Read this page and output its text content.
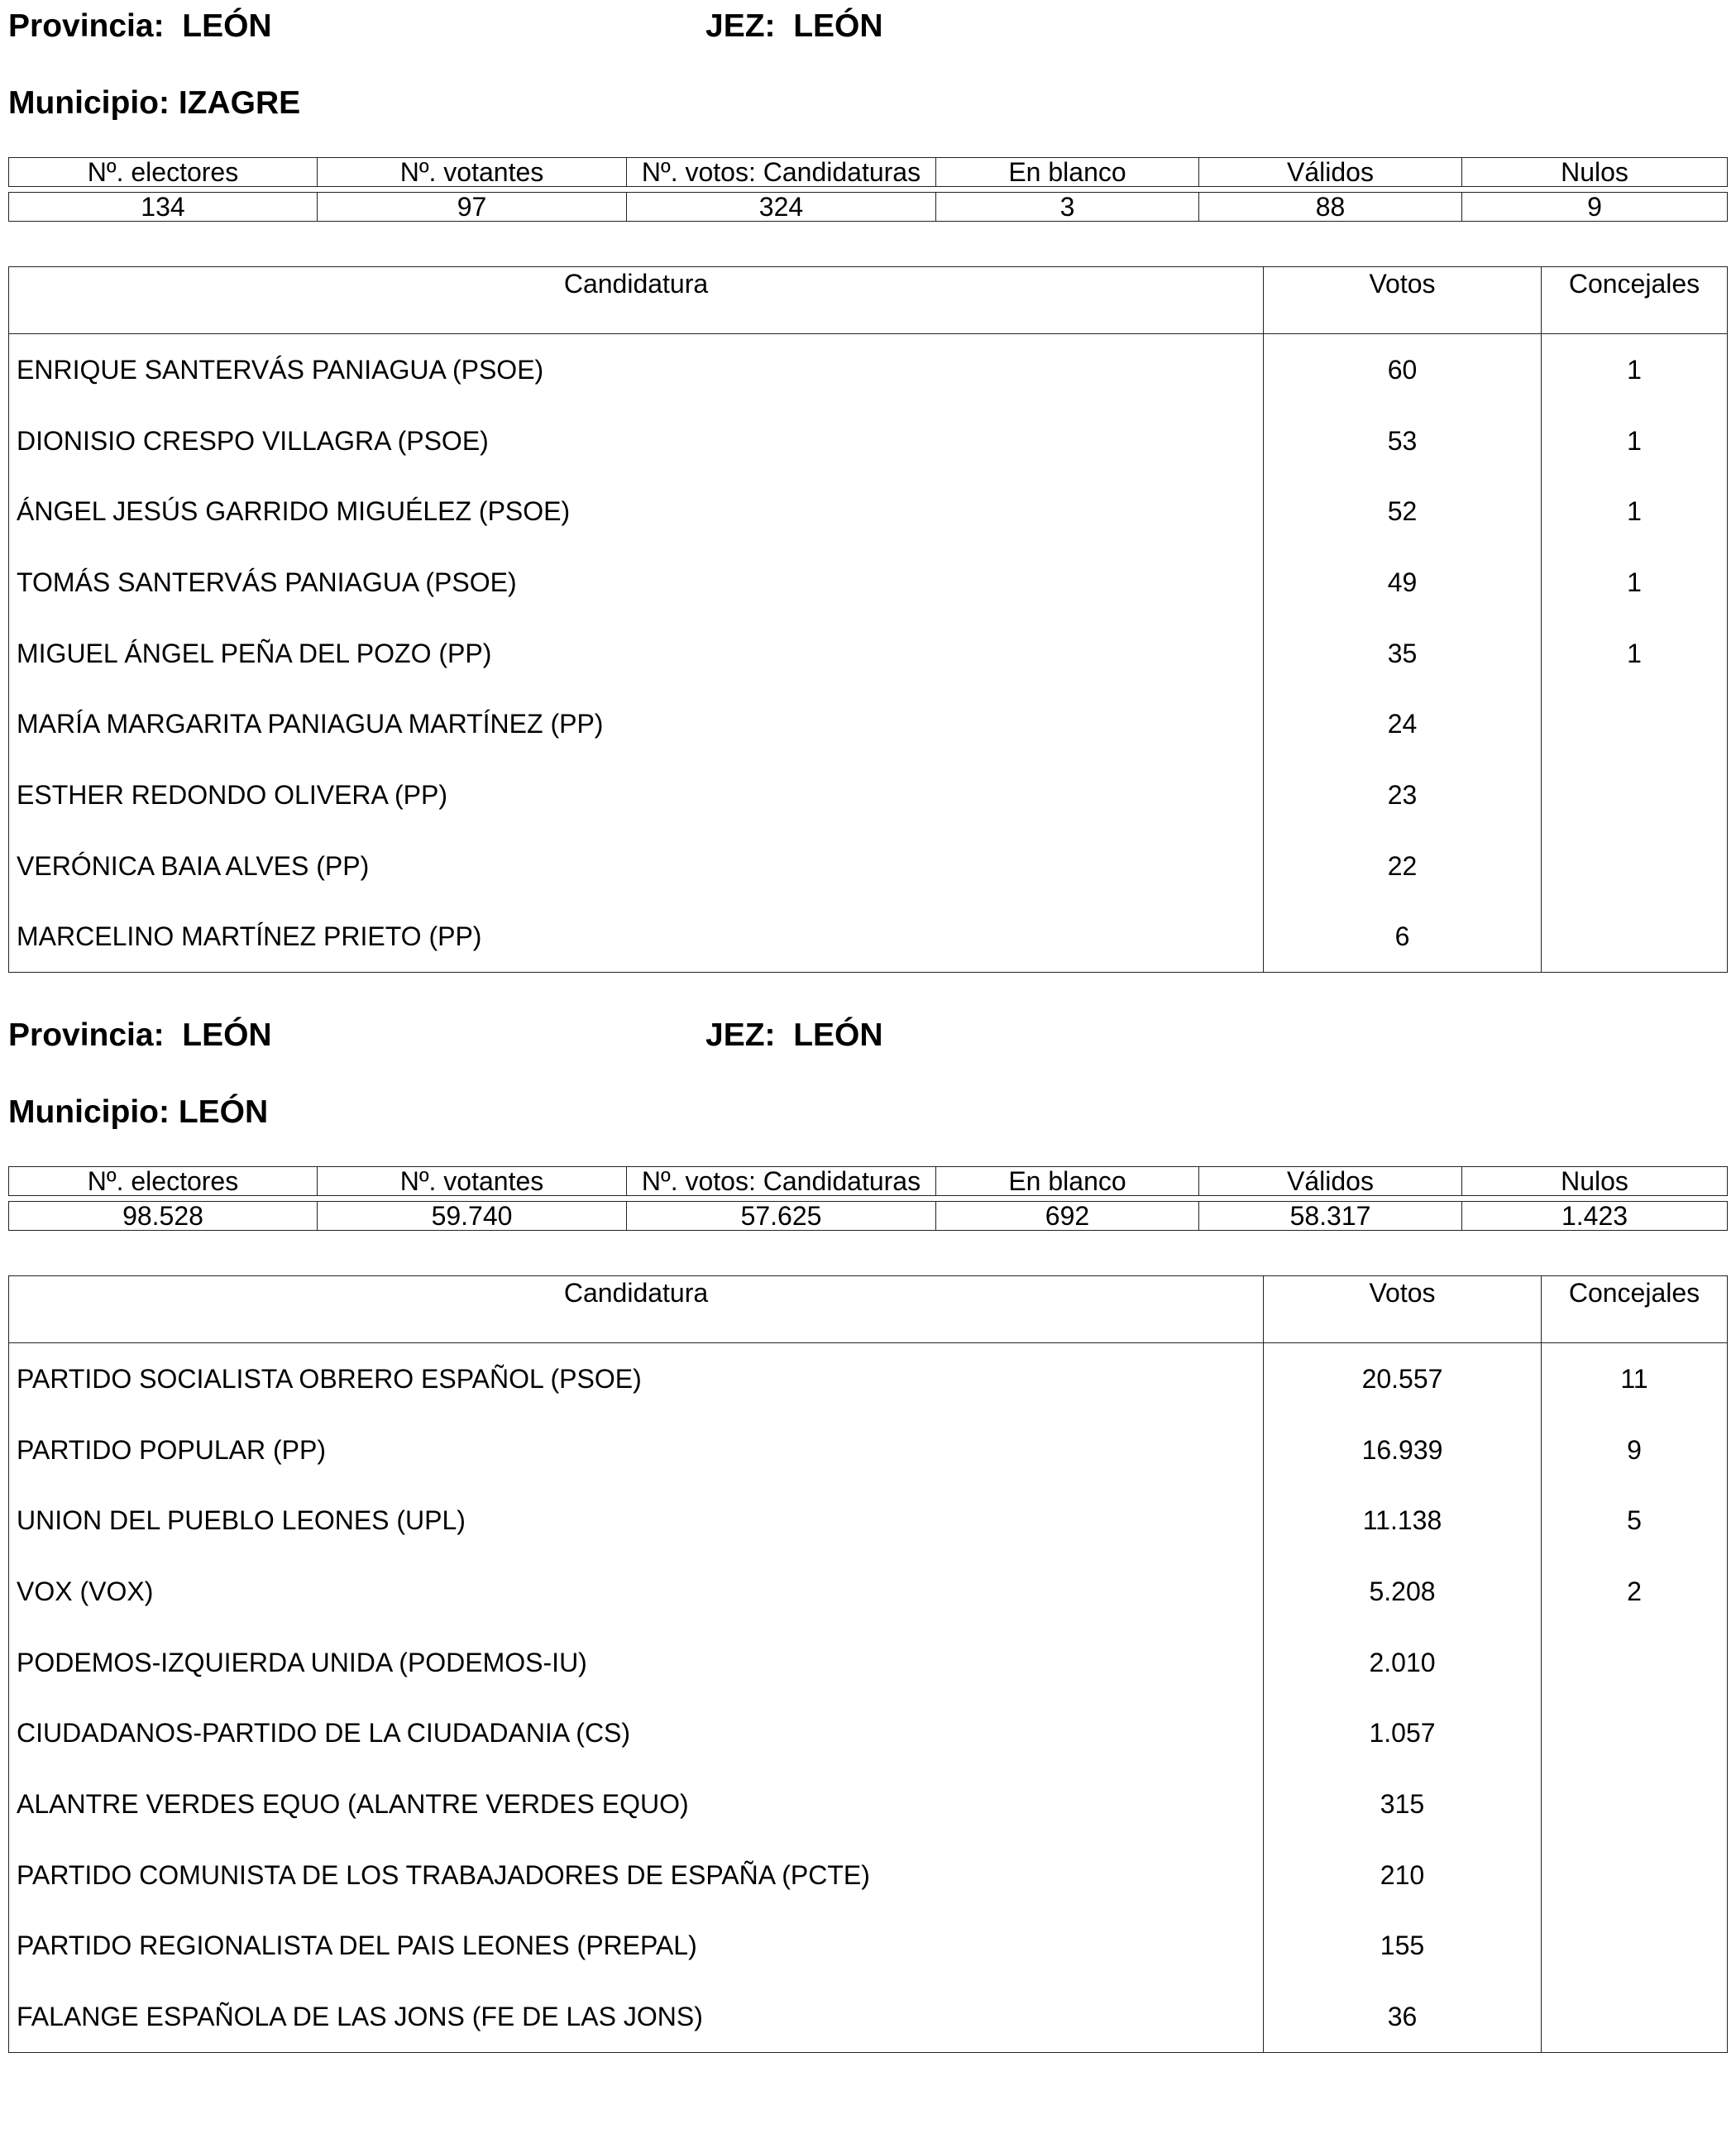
Provincia: LEÓN	JEZ: LEÓN
Municipio: IZAGRE
Nº. electores	Nº. votantes	Nº. votos: Candidaturas	En blanco	Válidos	Nulos

134	97	324	3	88	9
Candidatura	Votos	Concejales
ENRIQUE SANTERVÁS PANIAGUA (PSOE)	60	1
DIONISIO CRESPO VILLAGRA (PSOE)	53	1
ÁNGEL JESÚS GARRIDO MIGUÉLEZ (PSOE)	52	1
TOMÁS SANTERVÁS PANIAGUA (PSOE)	49	1
MIGUEL ÁNGEL PEÑA DEL POZO (PP)	35	1
MARÍA MARGARITA PANIAGUA MARTÍNEZ (PP)	24	
ESTHER REDONDO OLIVERA (PP)	23	
VERÓNICA BAIA ALVES (PP)	22	
MARCELINO MARTÍNEZ PRIETO (PP)	6	
Provincia: LEÓN	JEZ: LEÓN
Municipio: LEÓN
Nº. electores	Nº. votantes	Nº. votos: Candidaturas	En blanco	Válidos	Nulos

98.528	59.740	57.625	692	58.317	1.423
Candidatura	Votos	Concejales
PARTIDO SOCIALISTA OBRERO ESPAÑOL (PSOE)	20.557	11
PARTIDO POPULAR (PP)	16.939	9
UNION DEL PUEBLO LEONES (UPL)	11.138	5
VOX (VOX)	5.208	2
PODEMOS-IZQUIERDA UNIDA (PODEMOS-IU)	2.010	
CIUDADANOS-PARTIDO DE LA CIUDADANIA (CS)	1.057	
ALANTRE VERDES EQUO (ALANTRE VERDES EQUO)	315	
PARTIDO COMUNISTA DE LOS TRABAJADORES DE ESPAÑA (PCTE)	210	
PARTIDO REGIONALISTA DEL PAIS LEONES (PREPAL)	155	
FALANGE ESPAÑOLA DE LAS JONS (FE DE LAS JONS)	36	
